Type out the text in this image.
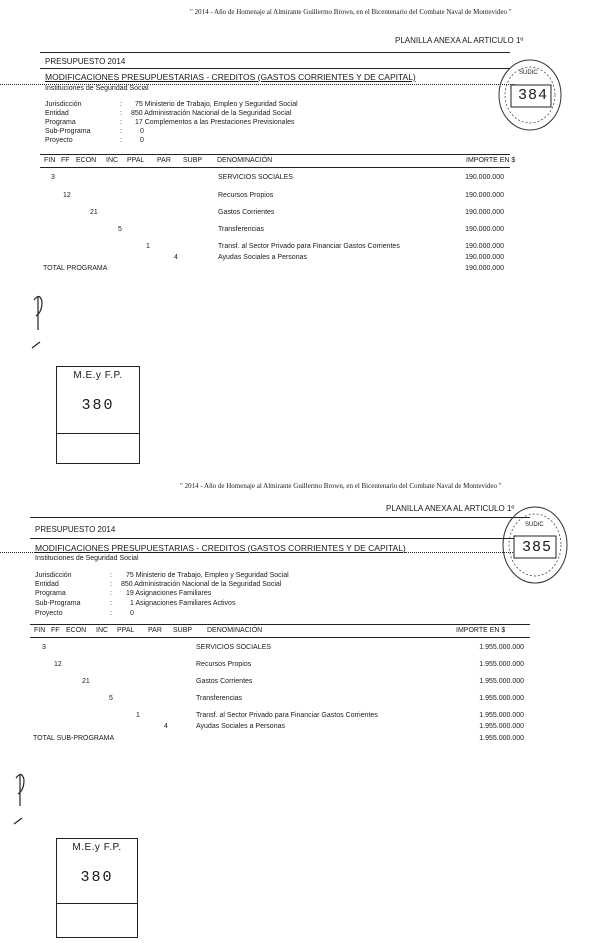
" 2014 - Año de Homenaje al Almirante Guillermo Brown, en el Bicentenario del Combate Naval de Montevideo "
PLANILLA ANEXA AL ARTICULO 1º
PRESUPUESTO 2014
MODIFICACIONES PRESUPUESTARIAS - CREDITOS (GASTOS CORRIENTES Y DE CAPITAL)
Instituciones de Seguridad Social
Jurisdicción	: 75 Ministerio de Trabajo, Empleo y Seguridad Social
Entidad	: 850 Administración Nacional de la Seguridad Social
Programa	: 17 Complementos a las Prestaciones Previsionales
Sub-Programa	:	0
Proyecto	:	0
FIN FF ECON INC PPAL PAR SUBP DENOMINACIÓN	IMPORTE EN $
3	SERVICIOS SOCIALES	190.000.000
12	Recursos Propios	190.000.000
21	Gastos Corrientes	190.000.000
5	Transferencias	190.000.000
1	Transf. al Sector Privado para Financiar Gastos Corrientes	190.000.000
4	Ayudas Sociales a Personas	190.000.000
TOTAL PROGRAMA	190.000.000
SUDIC
384
M.E.y F.P.
380
" 2014 - Año de Homenaje al Almirante Guillermo Brown, en el Bicentenario del Combate Naval de Montevideo "
PLANILLA ANEXA AL ARTICULO 1º
PRESUPUESTO 2014
MODIFICACIONES PRESUPUESTARIAS - CREDITOS (GASTOS CORRIENTES Y DE CAPITAL)
Instituciones de Seguridad Social
Jurisdicción	: 75 Ministerio de Trabajo, Empleo y Seguridad Social
Entidad	: 850 Administración Nacional de la Seguridad Social
Programa	: 19 Asignaciones Familiares
Sub-Programa	:	1 Asignaciones Familiares Activos
Proyecto	:	0
FIN FF ECON INC PPAL PAR SUBP DENOMINACIÓN	IMPORTE EN $
3	SERVICIOS SOCIALES	1.955.000.000
12	Recursos Propios	1.955.000.000
21	Gastos Corrientes	1.955.000.000
5	Transferencias	1.955.000.000
1	Transf. al Sector Privado para Financiar Gastos Corrientes	1.955.000.000
4	Ayudas Sociales a Personas	1.955.000.000
TOTAL SUB-PROGRAMA	1.955.000.000
SUDIC
385
M.E.y F.P.
380
